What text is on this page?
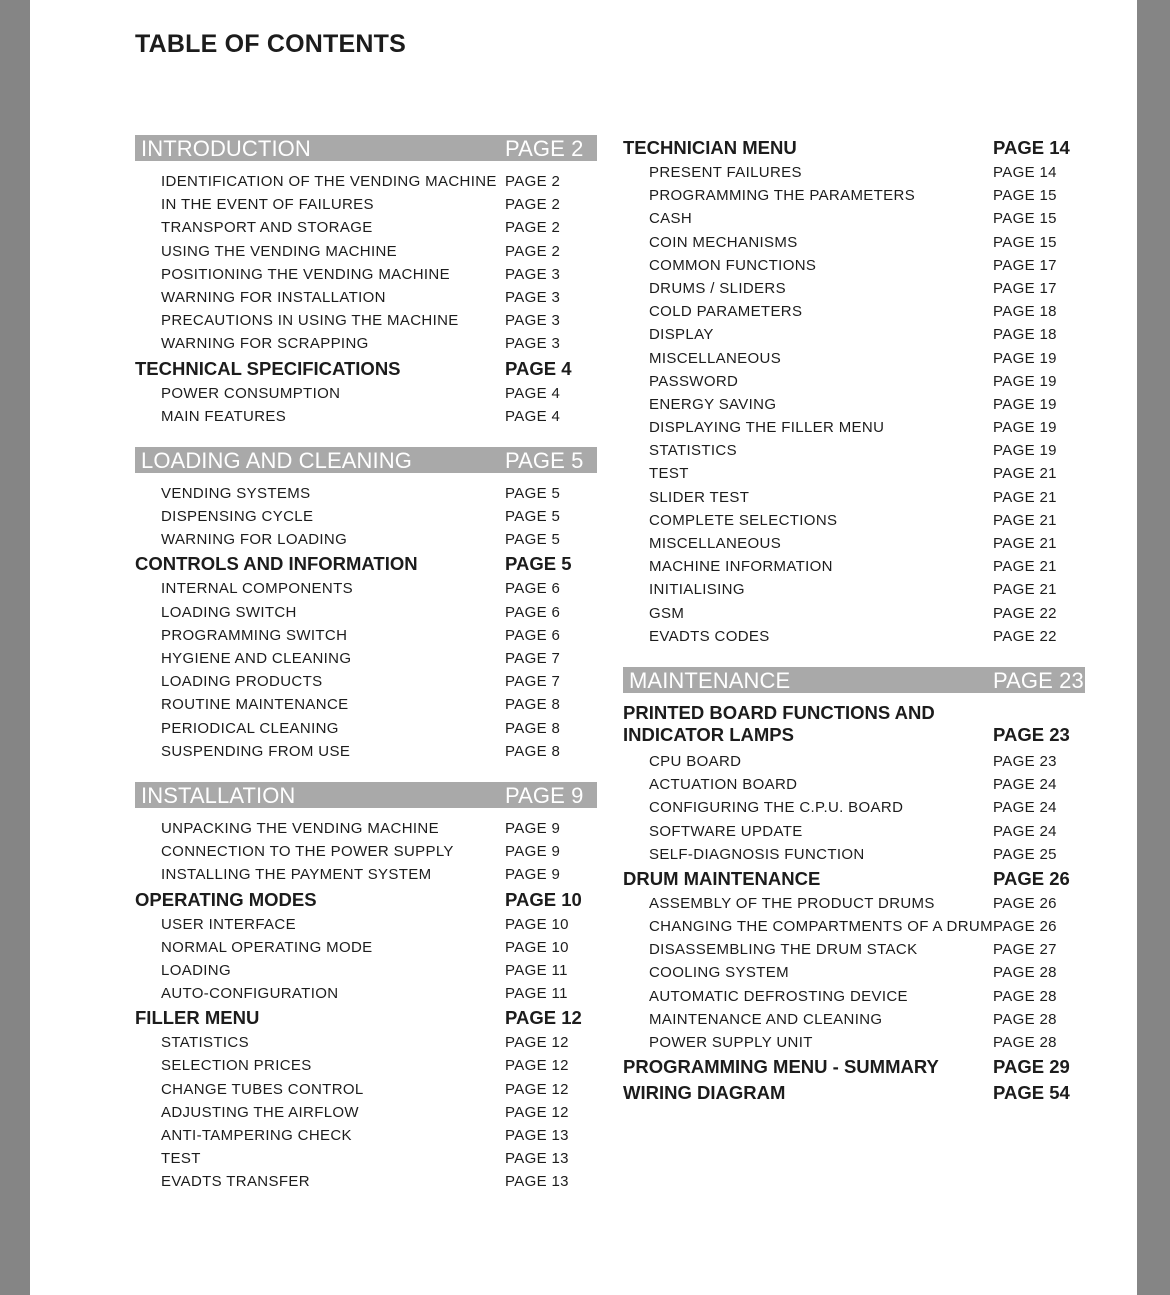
TABLE OF CONTENTS
INTRODUCTION	PAGE 2
IDENTIFICATION OF THE VENDING MACHINE PAGE 2
IN THE EVENT OF FAILURES	PAGE 2
TRANSPORT AND STORAGE	PAGE 2
USING THE VENDING MACHINE	PAGE 2
POSITIONING THE VENDING MACHINE	PAGE 3
WARNING FOR INSTALLATION	PAGE 3
PRECAUTIONS IN USING THE MACHINE	PAGE 3
WARNING FOR SCRAPPING	PAGE 3
TECHNICAL SPECIFICATIONS	PAGE 4
POWER CONSUMPTION	PAGE 4
MAIN FEATURES	PAGE 4
LOADING AND CLEANING	PAGE 5
VENDING SYSTEMS	PAGE 5
DISPENSING CYCLE	PAGE 5
WARNING FOR LOADING	PAGE 5
CONTROLS AND INFORMATION	PAGE 5
INTERNAL COMPONENTS	PAGE 6
LOADING SWITCH	PAGE 6
PROGRAMMING SWITCH	PAGE 6
HYGIENE AND CLEANING	PAGE 7
LOADING PRODUCTS	PAGE 7
ROUTINE MAINTENANCE	PAGE 8
PERIODICAL CLEANING	PAGE 8
SUSPENDING FROM USE	PAGE 8
INSTALLATION	PAGE 9
UNPACKING THE VENDING MACHINE	PAGE 9
CONNECTION TO THE POWER SUPPLY	PAGE 9
INSTALLING THE PAYMENT SYSTEM	PAGE 9
OPERATING MODES	PAGE 10
USER INTERFACE	PAGE 10
NORMAL OPERATING MODE	PAGE 10
LOADING	PAGE 11
AUTO-CONFIGURATION	PAGE 11
FILLER MENU	PAGE 12
STATISTICS	PAGE 12
SELECTION PRICES	PAGE 12
CHANGE TUBES CONTROL	PAGE 12
ADJUSTING THE AIRFLOW	PAGE 12
ANTI-TAMPERING CHECK	PAGE 13
TEST	PAGE 13
EVADTS TRANSFER	PAGE 13
TECHNICIAN MENU	PAGE 14
PRESENT FAILURES	PAGE 14
PROGRAMMING THE PARAMETERS	PAGE 15
CASH	PAGE 15
COIN MECHANISMS	PAGE 15
COMMON FUNCTIONS	PAGE 17
DRUMS / SLIDERS	PAGE 17
COLD PARAMETERS	PAGE 18
DISPLAY	PAGE 18
MISCELLANEOUS	PAGE 19
PASSWORD	PAGE 19
ENERGY SAVING	PAGE 19
DISPLAYING THE FILLER MENU	PAGE 19
STATISTICS	PAGE 19
TEST	PAGE 21
SLIDER TEST	PAGE 21
COMPLETE SELECTIONS	PAGE 21
MISCELLANEOUS	PAGE 21
MACHINE INFORMATION	PAGE 21
INITIALISING	PAGE 21
GSM	PAGE 22
EVADTS CODES	PAGE 22
MAINTENANCE	PAGE 23
PRINTED BOARD FUNCTIONS AND INDICATOR LAMPS	PAGE 23
CPU BOARD	PAGE 23
ACTUATION BOARD	PAGE 24
CONFIGURING THE C.P.U. BOARD	PAGE 24
SOFTWARE UPDATE	PAGE 24
SELF-DIAGNOSIS FUNCTION	PAGE 25
DRUM MAINTENANCE	PAGE 26
ASSEMBLY OF THE PRODUCT DRUMS	PAGE 26
CHANGING THE COMPARTMENTS OF A DRUM PAGE 26
DISASSEMBLING THE DRUM STACK	PAGE 27
COOLING SYSTEM	PAGE 28
AUTOMATIC DEFROSTING DEVICE	PAGE 28
MAINTENANCE AND CLEANING	PAGE 28
POWER SUPPLY UNIT	PAGE 28
PROGRAMMING MENU - SUMMARY	PAGE 29
WIRING DIAGRAM	PAGE 54
